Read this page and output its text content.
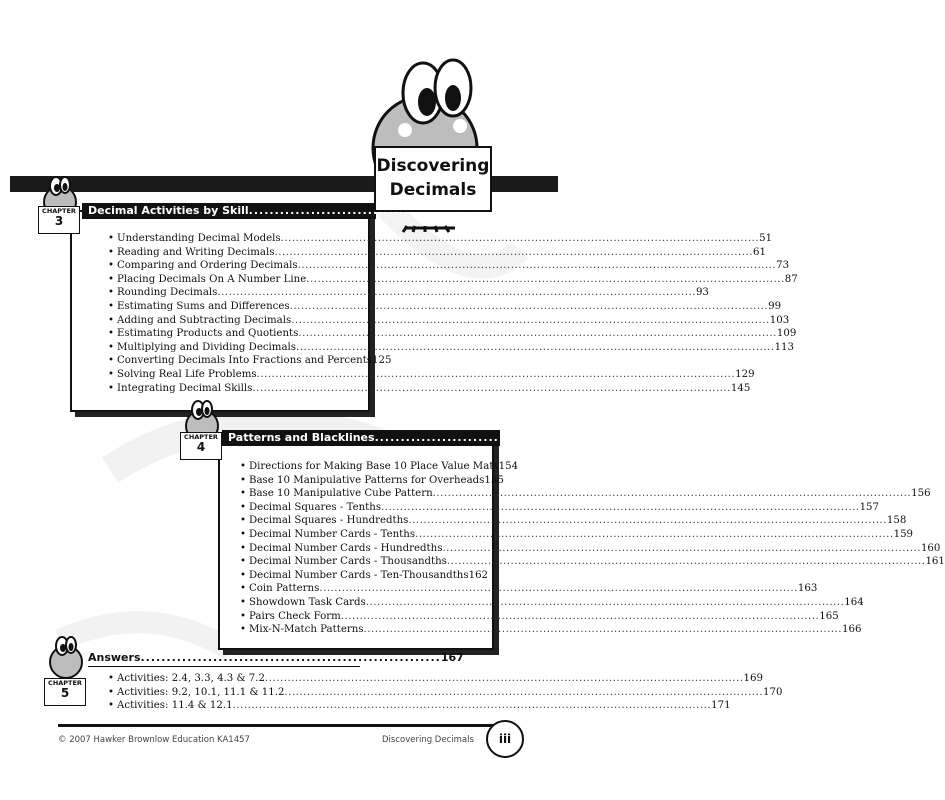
Discovering
Decimals
CHAPTER
3
Decimal Activities by Skill ................................................. 49
• Understanding Decimal Models .....	51
• Reading and Writing Decimals .....	61
• Comparing and Ordering Decimals .....	73
• Placing Decimals On A Number Line .....	87
• Rounding Decimals .....	93
• Estimating Sums and Differences .....	99
• Adding and Subtracting Decimals .....	103
• Estimating Products and Quotients .....	109
• Multiplying and Dividing Decimals .....	113
• Converting Decimals Into Fractions and Percents 125
• Solving Real Life Problems .....	129
• Integrating Decimal Skills .....	145
CHAPTER
4
Patterns and Blacklines ................................................. 153
• Directions for Making Base 10 Place Value Mats 154
• Base 10 Manipulative Patterns for Overheads 155
• Base 10 Manipulative Cube Pattern .....	156
• Decimal Squares - Tenths .....	157
• Decimal Squares - Hundredths .....	158
• Decimal Number Cards - Tenths .....	159
• Decimal Number Cards - Hundredths .....	160
• Decimal Number Cards - Thousandths .....	161
• Decimal Number Cards - Ten-Thousandths 162
• Coin Patterns .....	163
• Showdown Task Cards .....	164
• Pairs Check Form .....	165
• Mix-N-Match Patterns .....	166
CHAPTER
5
Answers .......................................................... 167
• Activities: 2.4, 3.3, 4.3 & 7.2 .....	169
• Activities: 9.2, 10.1, 11.1 & 11.2 .....	170
• Activities: 11.4 & 12.1 .....	171
© 2007 Hawker Brownlow Education KA1457	Discovering Decimals	iii
